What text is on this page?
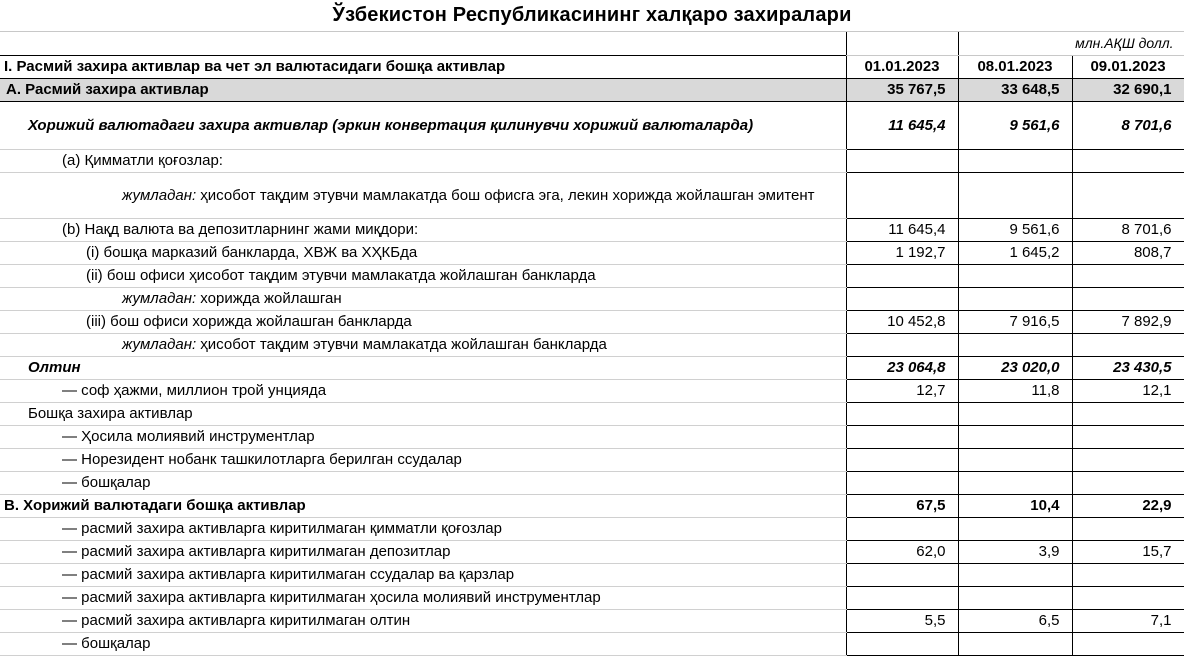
Ўзбекистон Республикасининг халқаро захиралари
		млн.АҚШ долл.	
I. Расмий захира активлар ва чет эл валютасидаги бошқа активлар	01.01.2023	08.01.2023	09.01.2023
А. Расмий захира активлар	35 767,5	33 648,5	32 690,1
Хорижий валютадаги захира активлар (эркин конвертация қилинувчи хорижий валюталарда)	11 645,4	9 561,6	8 701,6
(а) Қимматли қоғозлар:			
жумладан: ҳисобот тақдим этувчи мамлакатда бош офисга эга, лекин хорижда жойлашган эмитент			
(b) Нақд валюта ва депозитларнинг жами миқдори:	11 645,4	9 561,6	8 701,6
(i) бошқа марказий банкларда, ХВЖ ва ХҲКБда	1 192,7	1 645,2	808,7
(ii) бош офиси ҳисобот тақдим этувчи мамлакатда жойлашган банкларда			
жумладан: хорижда жойлашган			
(iii) бош офиси хорижда жойлашган банкларда	10 452,8	7 916,5	7 892,9
жумладан: ҳисобот тақдим этувчи мамлакатда жойлашган банкларда			
Олтин	23 064,8	23 020,0	23 430,5
— соф ҳажми, миллион трой унцияда	12,7	11,8	12,1
Бошқа захира активлар			
— Ҳосила молиявий инструментлар			
— Норезидент нобанк ташкилотларга берилган ссудалар			
— бошқалар			
В. Хорижий валютадаги бошқа активлар	67,5	10,4	22,9
— расмий захира активларга киритилмаган қимматли қоғозлар			
— расмий захира активларга киритилмаган депозитлар	62,0	3,9	15,7
— расмий захира активларга киритилмаган ссудалар ва қарзлар			
— расмий захира активларга киритилмаган ҳосила молиявий инструментлар			
— расмий захира активларга киритилмаган олтин	5,5	6,5	7,1
— бошқалар			
